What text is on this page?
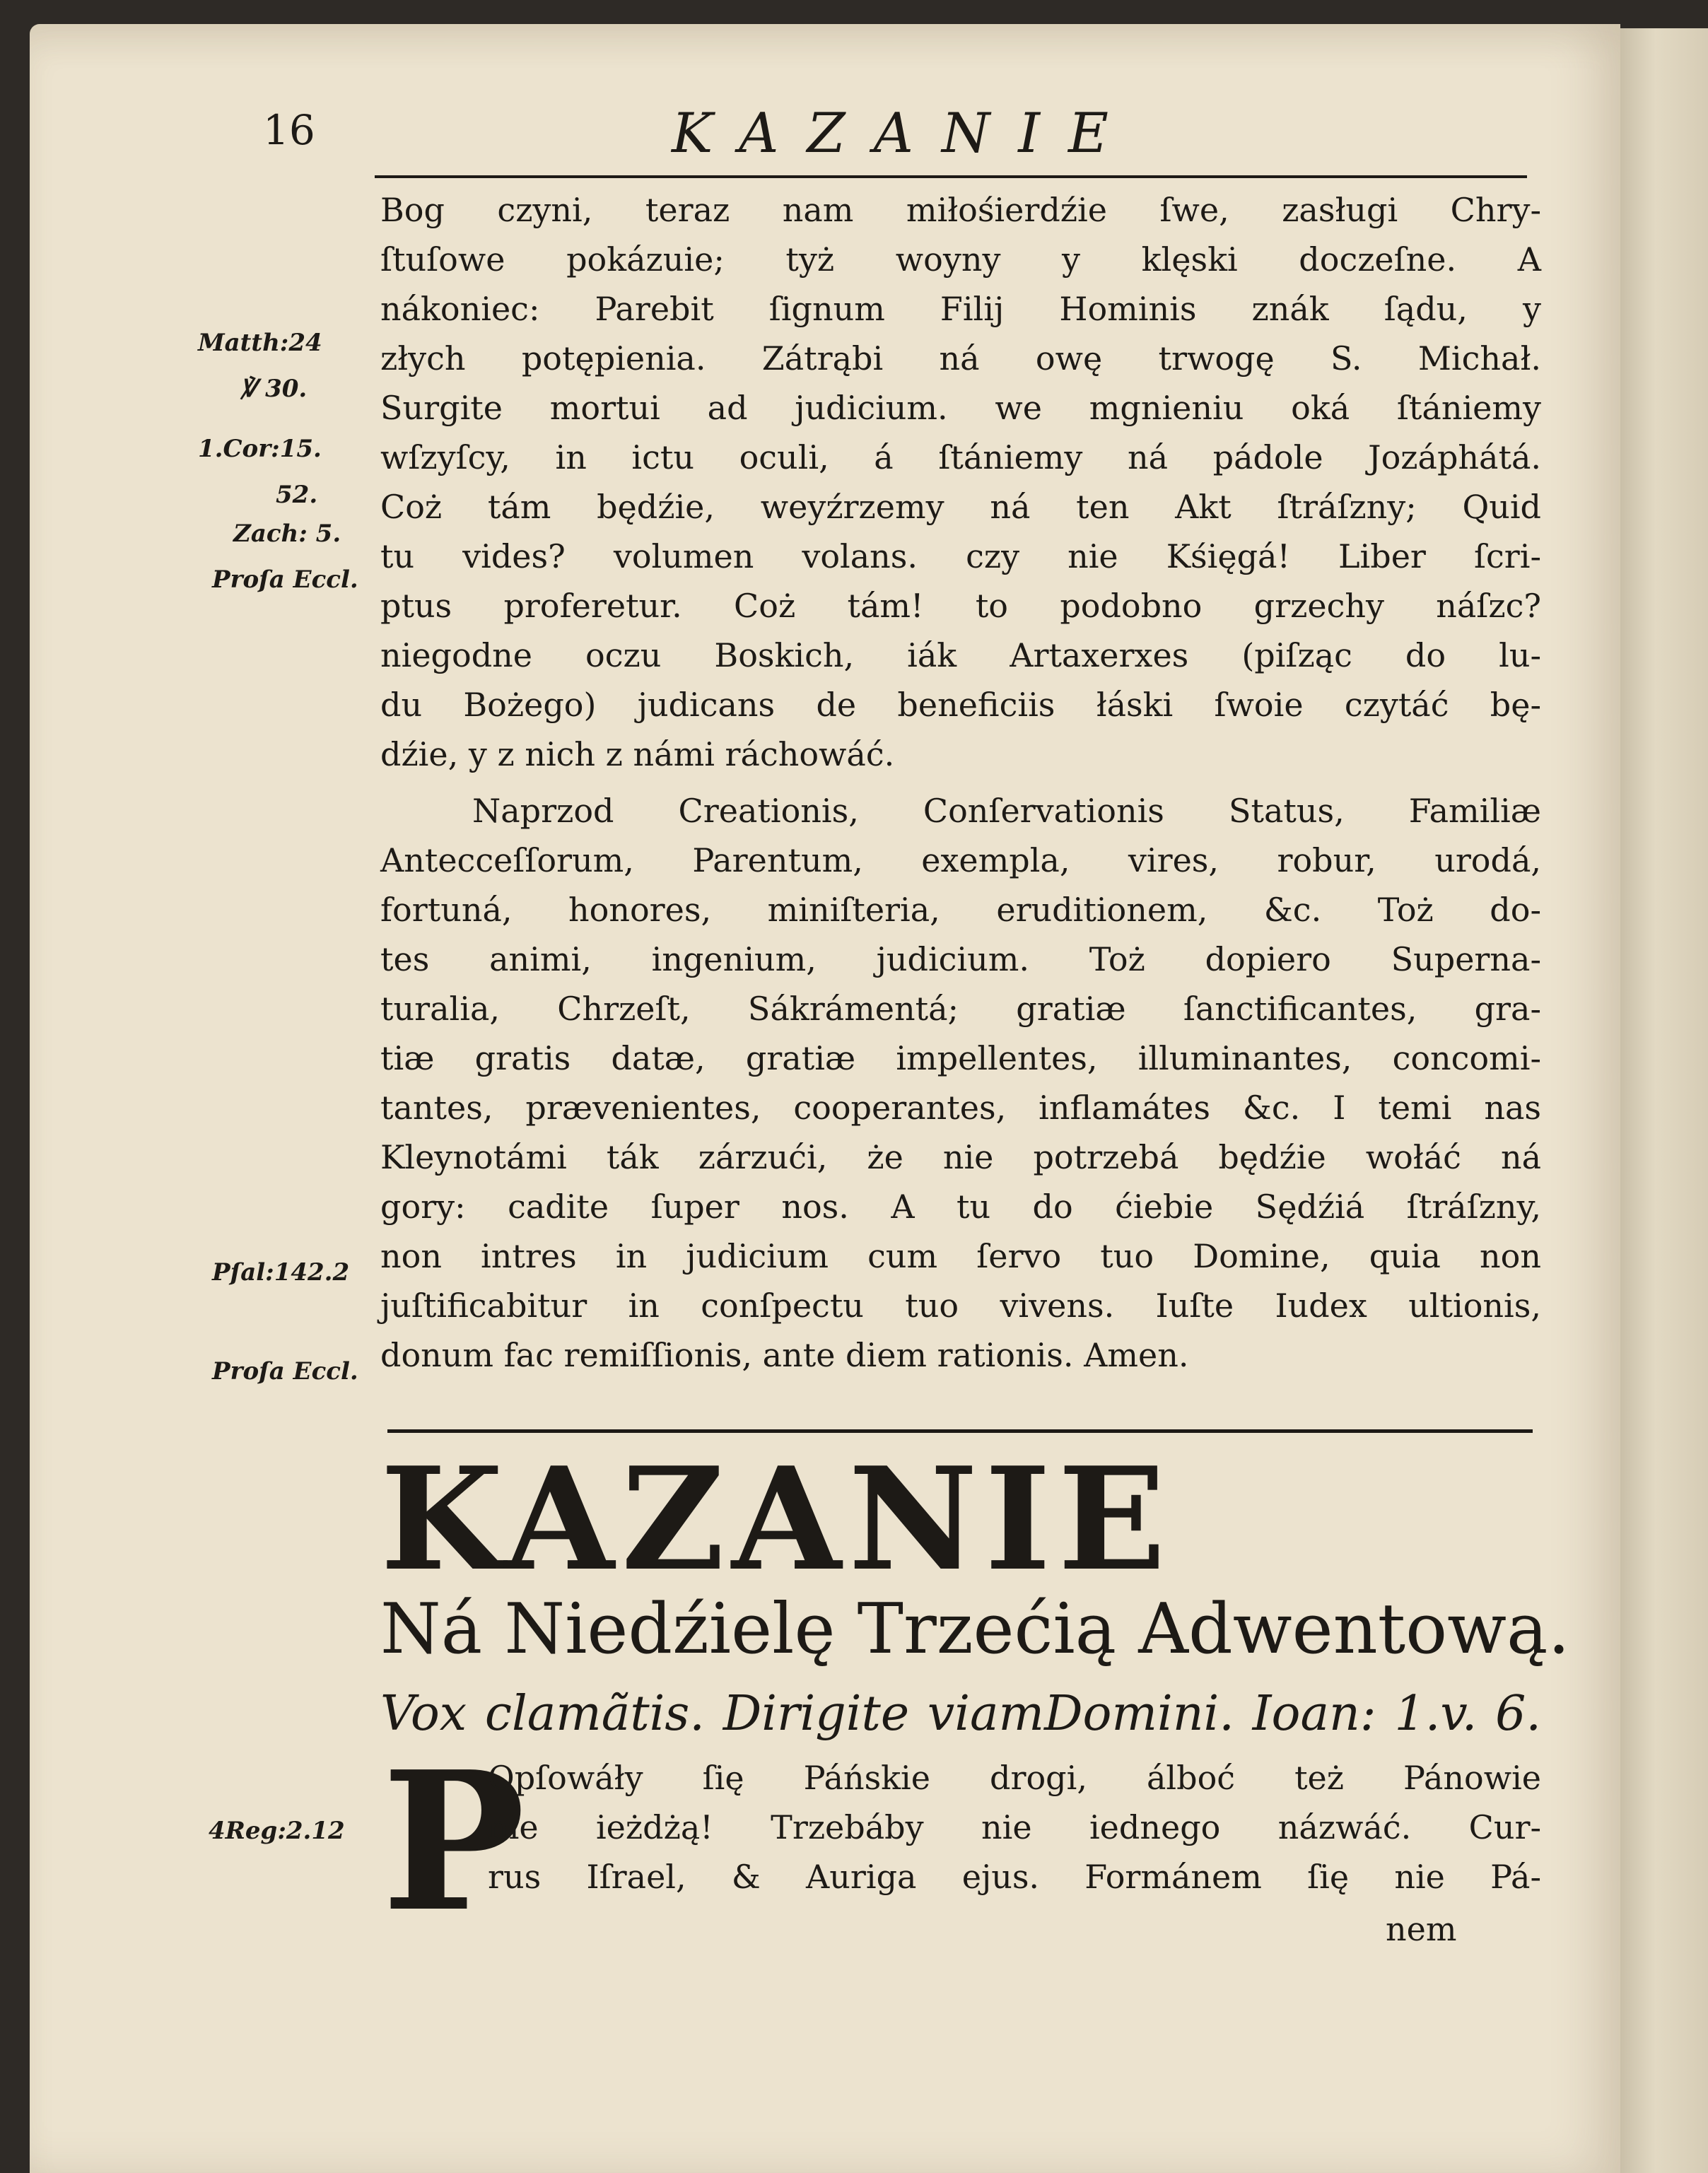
16	KAZANIE
Bog czyni, teraz nam miłośierdźie ſwe, zasługi Chry-
ſtuſowe pokázuie; tyż woyny y klęski doczeſne. A
nákoniec: Parebit ſignum Filij Hominis znák ſądu, y
złych potępienia. Zátrąbi ná owę trwogę S. Michał.
Surgite mortui ad judicium. we mgnieniu oká ſtániemy
wſzyſcy, in ictu oculi, á ſtániemy ná pádole Jozáphátá.
Coż tám będźie, weyźrzemy ná ten Akt ſtráſzny; Quid
tu vides? volumen volans. czy nie Kśięgá! Liber ſcri-
ptus proferetur. Coż tám! to podobno grzechy náſzc?
niegodne oczu Boskich, iák Artaxerxes (piſząc do lu-
du Bożego) judicans de beneficiis łáski ſwoie czytáć bę-
dźie, y z nich z námi ráchowáć.
Naprzod Creationis, Conſervationis Status, Familiæ
Antecceſſorum, Parentum, exempla, vires, robur, urodá,
fortuná, honores, miniſteria, eruditionem, &c. Toż do-
tes animi, ingenium, judicium. Toż dopiero Superna-
turalia, Chrzeſt, Sákrámentá; gratiæ ſanctificantes, gra-
tiæ gratis datæ, gratiæ impellentes, illuminantes, concomi-
tantes, prævenientes, cooperantes, inflamátes &c. I temi nas
Kleynotámi ták zárzući, że nie potrzebá będźie wołáć ná
gory: cadite ſuper nos. A tu do ćiebie Sędźiá ſtráſzny,
non intres in judicium cum ſervo tuo Domine, quia non
juſtificabitur in conſpectu tuo vivens. Iuſte Iudex ultionis,
donum fac remiſſionis, ante diem rationis. Amen.
Matth:24
℣ 30.
1.Cor:15.
52.
Zach: 5.
Proſa Eccl.
Pſal:142.2
Proſa Eccl.
4Reg:2.12
KAZANIE
Ná Niedźielę Trzećią Adwentową.
Vox clamãtis. Dirigite viamDomini. Ioan: 1.v. 6.
P
Opſowáły ſię Páńskie drogi, álboć też Pánowie
nie ieżdżą! Trzebáby nie iednego názwáć. Cur-
rus Iſrael, & Auriga ejus. Formánem ſię nie Pá-
nem
